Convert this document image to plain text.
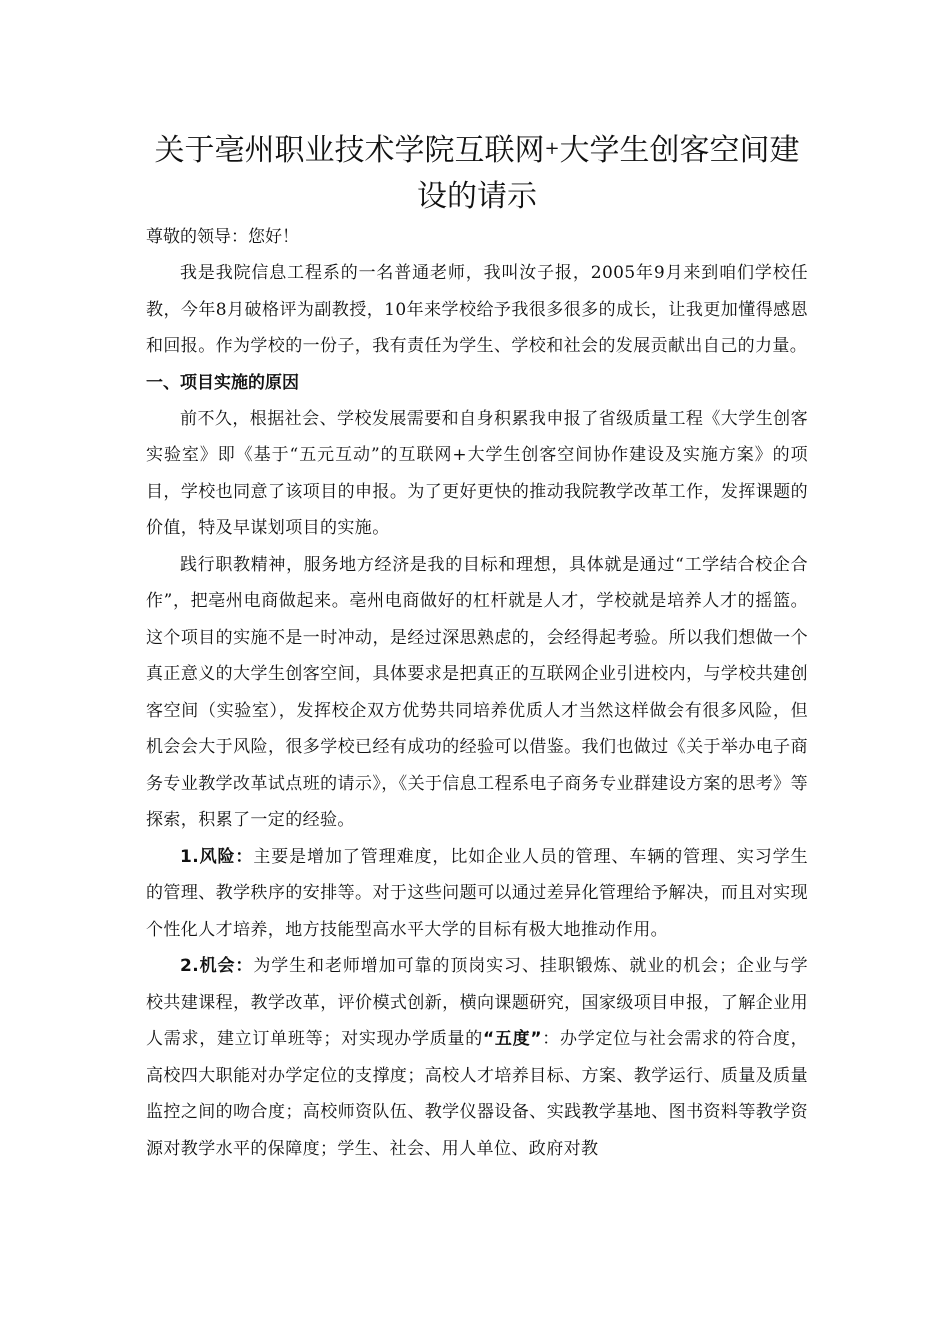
关于亳州职业技术学院互联网+大学生创客空间建设的请示

尊敬的领导：您好！

我是我院信息工程系的一名普通老师，我叫汝子报，2005年9月来到咱们学校任教，今年8月破格评为副教授，10年来学校给予我很多很多的成长，让我更加懂得感恩和回报。作为学校的一份子，我有责任为学生、学校和社会的发展贡献出自己的力量。

一、项目实施的原因

前不久，根据社会、学校发展需要和自身积累我申报了省级质量工程《大学生创客实验室》即《基于“五元互动”的互联网+大学生创客空间协作建设及实施方案》的项目，学校也同意了该项目的申报。为了更好更快的推动我院教学改革工作，发挥课题的价值，特及早谋划项目的实施。

践行职教精神，服务地方经济是我的目标和理想，具体就是通过“工学结合校企合作”，把亳州电商做起来。亳州电商做好的杠杆就是人才，学校就是培养人才的摇篮。这个项目的实施不是一时冲动，是经过深思熟虑的，会经得起考验。所以我们想做一个真正意义的大学生创客空间，具体要求是把真正的互联网企业引进校内，与学校共建创客空间（实验室），发挥校企双方优势共同培养优质人才当然这样做会有很多风险，但机会会大于风险，很多学校已经有成功的经验可以借鉴。我们也做过《关于举办电子商务专业教学改革试点班的请示》，《关于信息工程系电子商务专业群建设方案的思考》等探索，积累了一定的经验。

1.风险：主要是增加了管理难度，比如企业人员的管理、车辆的管理、实习学生的管理、教学秩序的安排等。对于这些问题可以通过差异化管理给予解决，而且对实现个性化人才培养，地方技能型高水平大学的目标有极大地推动作用。

2.机会：为学生和老师增加可靠的顶岗实习、挂职锻炼、就业的机会；企业与学校共建课程，教学改革，评价模式创新，横向课题研究，国家级项目申报，了解企业用人需求，建立订单班等；对实现办学质量的“五度”：办学定位与社会需求的符合度，高校四大职能对办学定位的支撑度；高校人才培养目标、方案、教学运行、质量及质量监控之间的吻合度；高校师资队伍、教学仪器设备、实践教学基地、图书资料等教学资源对教学水平的保障度；学生、社会、用人单位、政府对教
